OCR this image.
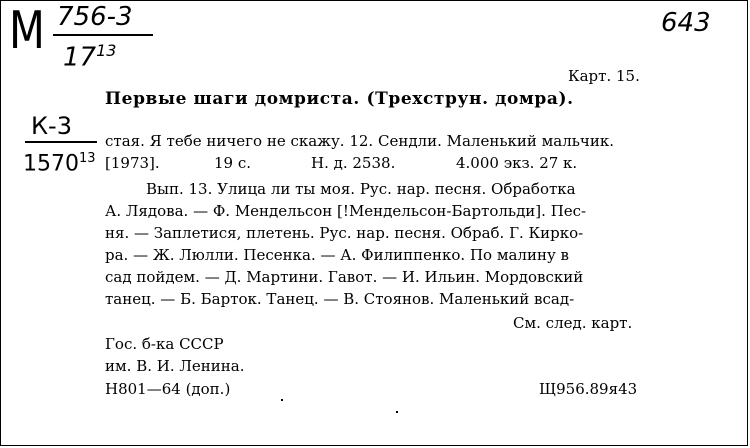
М 756-3
$17^{13}$
643
К-3
1570$^{13}$
Карт. 15.
Первые шаги домриста. (Трехструн. домра).
стая. Я тебе ничего не скажу. 12. Сендли. Маленький мальчик.
[1973].	19 с.	Н. д. 2538.	4.000 экз. 27 к.
Вып. 13. Улица ли ты моя. Рус. нар. песня. Обработка
А. Лядова. — Ф. Мендельсон [!Мендельсон-Бартольди]. Пес-
ня. — Заплетися, плетень. Рус. нар. песня. Обраб. Г. Кирко-
ра. — Ж. Люлли. Песенка. — А. Филиппенко. По малину в
сад пойдем. — Д. Мартини. Гавот. — И. Ильин. Мордовский
танец. — Б. Барток. Танец. — В. Стоянов. Маленький всад-
См. след. карт.
Гос. б-ка СССР
им. В. И. Ленина.
Н801—64 (доп.)	Щ956.89я43
